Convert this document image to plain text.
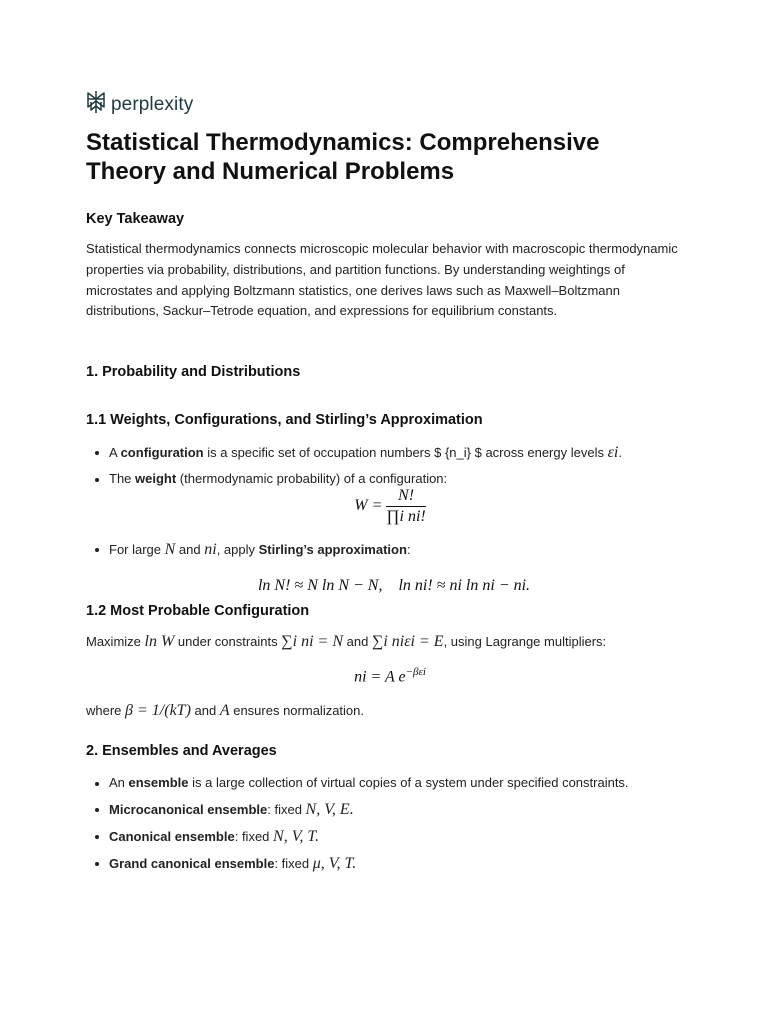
perplexity
Statistical Thermodynamics: Comprehensive Theory and Numerical Problems
Key Takeaway

Statistical thermodynamics connects microscopic molecular behavior with macroscopic thermodynamic properties via probability, distributions, and partition functions. By understanding weightings of microstates and applying Boltzmann statistics, one derives laws such as Maxwell–Boltzmann distributions, Sackur–Tetrode equation, and expressions for equilibrium constants.

1. Probability and Distributions
1.1 Weights, Configurations, and Stirling’s Approximation
A configuration is a specific set of occupation numbers $ {n_i} $ across energy levels εi.
The weight (thermodynamic probability) of a configuration:
$W = \frac{N!}{\text{∏i ni!}}$
For large N and ni, apply Stirling’s approximation:

ln N! ≈ N ln N − N,    ln ni! ≈ ni ln ni − ni.

1.2 Most Probable Configuration
Maximize ln W under constraints ∑i ni = N and ∑i niεi = E, using Lagrange multipliers:
ni = A $e^{-\beta\varepsilon i}$
where β = 1/(kT) and A ensures normalization.
2. Ensembles and Averages
An ensemble is a large collection of virtual copies of a system under specified constraints.
Microcanonical ensemble: fixed N, V, E.
Canonical ensemble: fixed N, V, T.
Grand canonical ensemble: fixed μ, V, T.
